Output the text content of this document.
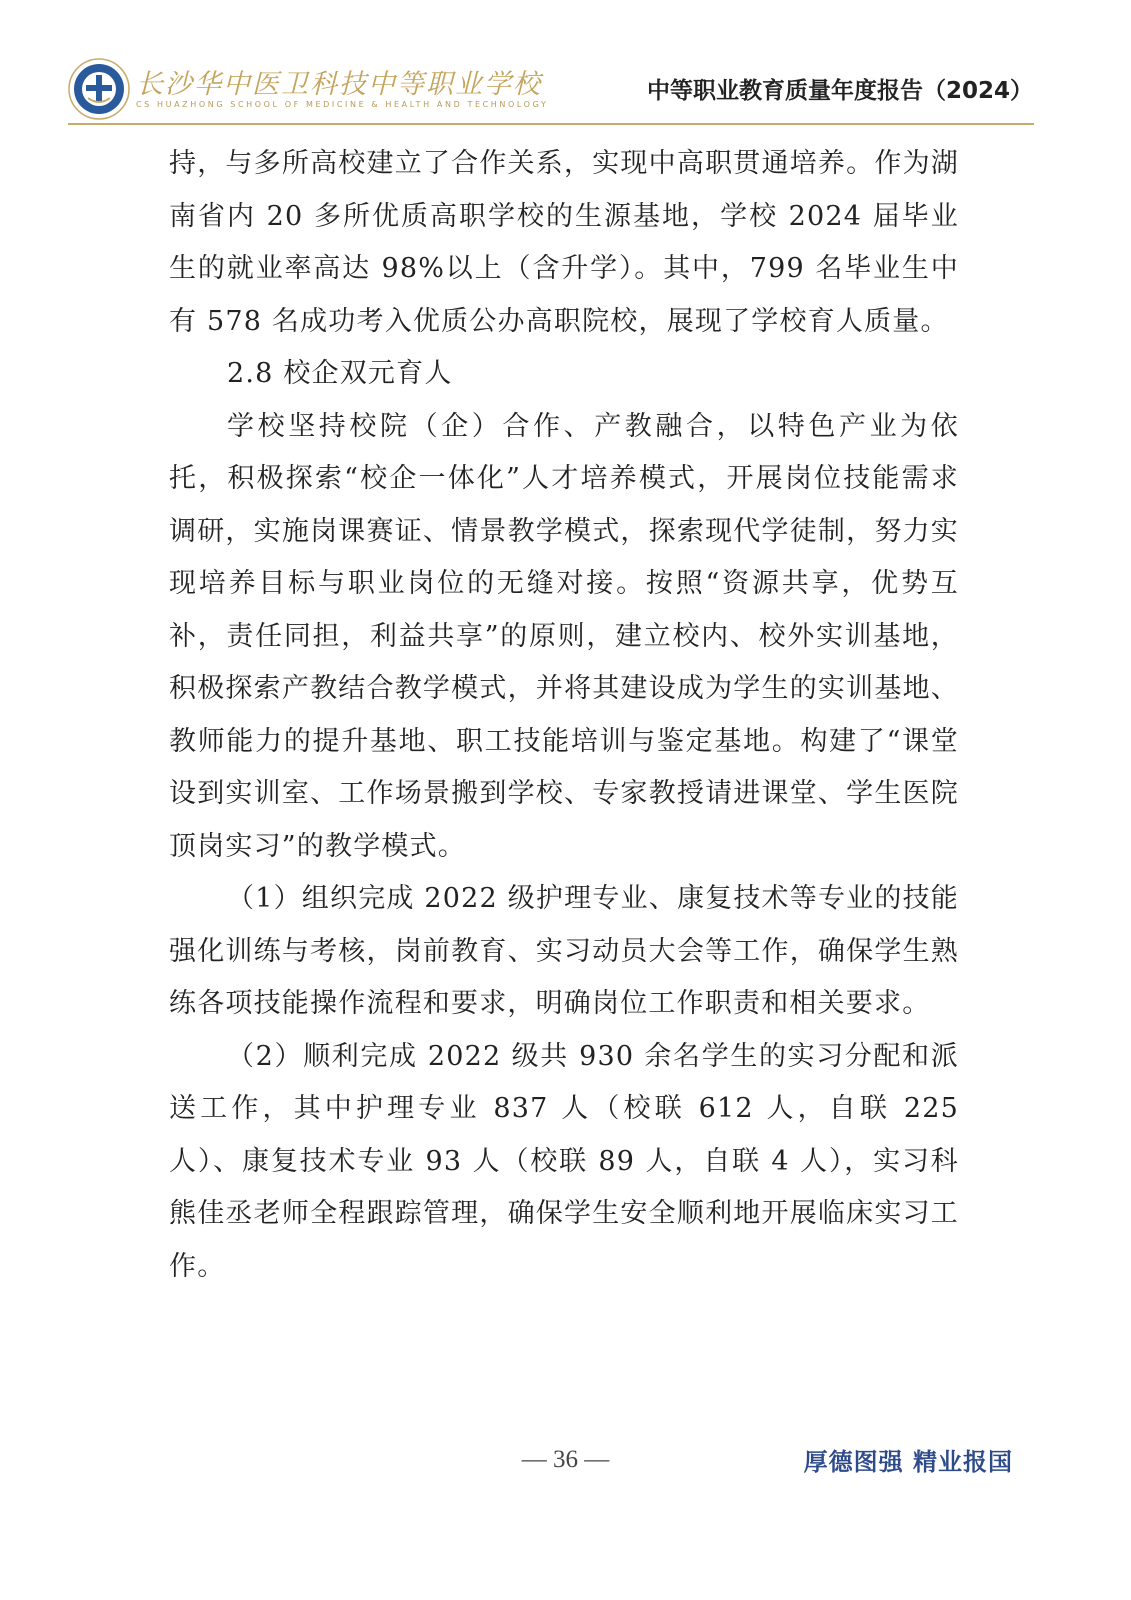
长沙华中医卫科技中等职业学校
CS HUAZHONG SCHOOL OF MEDICINE & HEALTH AND TECHNOLOGY
中等职业教育质量年度报告（2024）

持，与多所高校建立了合作关系，实现中高职贯通培养。作为湖南省内 20 多所优质高职学校的生源基地，学校 2024 届毕业生的就业率高达 98%以上（含升学）。其中，799 名毕业生中有 578 名成功考入优质公办高职院校，展现了学校育人质量。

2.8 校企双元育人

学校坚持校院（企）合作、产教融合，以特色产业为依托，积极探索“校企一体化”人才培养模式，开展岗位技能需求调研，实施岗课赛证、情景教学模式，探索现代学徒制，努力实现培养目标与职业岗位的无缝对接。按照“资源共享，优势互补，责任同担，利益共享”的原则，建立校内、校外实训基地，积极探索产教结合教学模式，并将其建设成为学生的实训基地、教师能力的提升基地、职工技能培训与鉴定基地。构建了“课堂设到实训室、工作场景搬到学校、专家教授请进课堂、学生医院顶岗实习”的教学模式。

（1）组织完成 2022 级护理专业、康复技术等专业的技能强化训练与考核，岗前教育、实习动员大会等工作，确保学生熟练各项技能操作流程和要求，明确岗位工作职责和相关要求。

（2）顺利完成 2022 级共 930 余名学生的实习分配和派送工作，其中护理专业 837 人（校联 612 人，自联 225 人）、康复技术专业 93 人（校联 89 人，自联 4 人），实习科熊佳丞老师全程跟踪管理，确保学生安全顺利地开展临床实习工作。

— 36 —	厚德图强 精业报国
